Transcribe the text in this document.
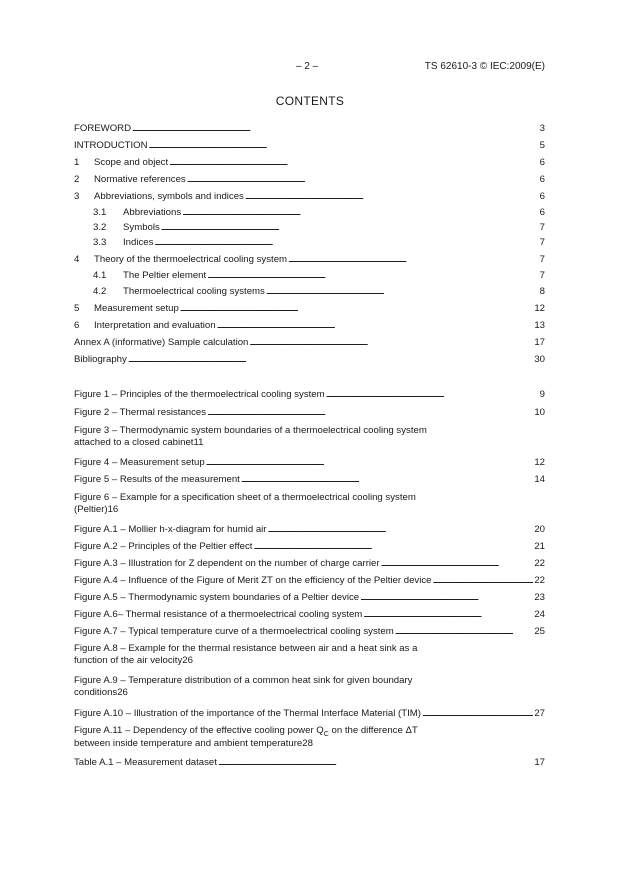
– 2 –	TS 62610-3 © IEC:2009(E)
CONTENTS
FOREWORD . . .	3
INTRODUCTION . . .	5
1	Scope and object . . .	6
2	Normative references . . .	6
3	Abbreviations, symbols and indices . . .	6
3.1	Abbreviations . . .	6
3.2	Symbols . . .	7
3.3	Indices . . .	7
4	Theory of the thermoelectrical cooling system . . .	7
4.1	The Peltier element . . .	7
4.2	Thermoelectrical cooling systems . . .	8
5	Measurement setup . . .	12
6	Interpretation and evaluation . . .	13
Annex A (informative) Sample calculation . . .	17
Bibliography . . .	30
Figure 1 – Principles of the thermoelectrical cooling system . . .	9
Figure 2 – Thermal resistances . . .	10
Figure 3 – Thermodynamic system boundaries of a thermoelectrical cooling system
attached to a closed cabinet 11
Figure 4 – Measurement setup . . .	12
Figure 5 – Results of the measurement . . .	14
Figure 6 – Example for a specification sheet of a thermoelectrical cooling system
(Peltier) 16
Figure A.1 – Mollier h-x-diagram for humid air . . .	20
Figure A.2 – Principles of the Peltier effect . . .	21
Figure A.3 – Illustration for Z dependent on the number of charge carrier . . .	22
Figure A.4 – Influence of the Figure of Merit ZT on the efficiency of the Peltier device . . .	22
Figure A.5 – Thermodynamic system boundaries of a Peltier device . . .	23
Figure A.6– Thermal resistance of a thermoelectrical cooling system . . .	24
Figure A.7 – Typical temperature curve of a thermoelectrical cooling system . . .	25
Figure A.8 – Example for the thermal resistance between air and a heat sink as a
function of the air velocity 26
Figure A.9 – Temperature distribution of a common heat sink for given boundary
conditions 26
Figure A.10 – Illustration of the importance of the Thermal Interface Material (TIM) . . .	27
Figure A.11 – Dependency of the effective cooling power $Q_C$ on the difference ΔT
between inside temperature and ambient temperature 28
Table A.1 – Measurement dataset . . .	17
